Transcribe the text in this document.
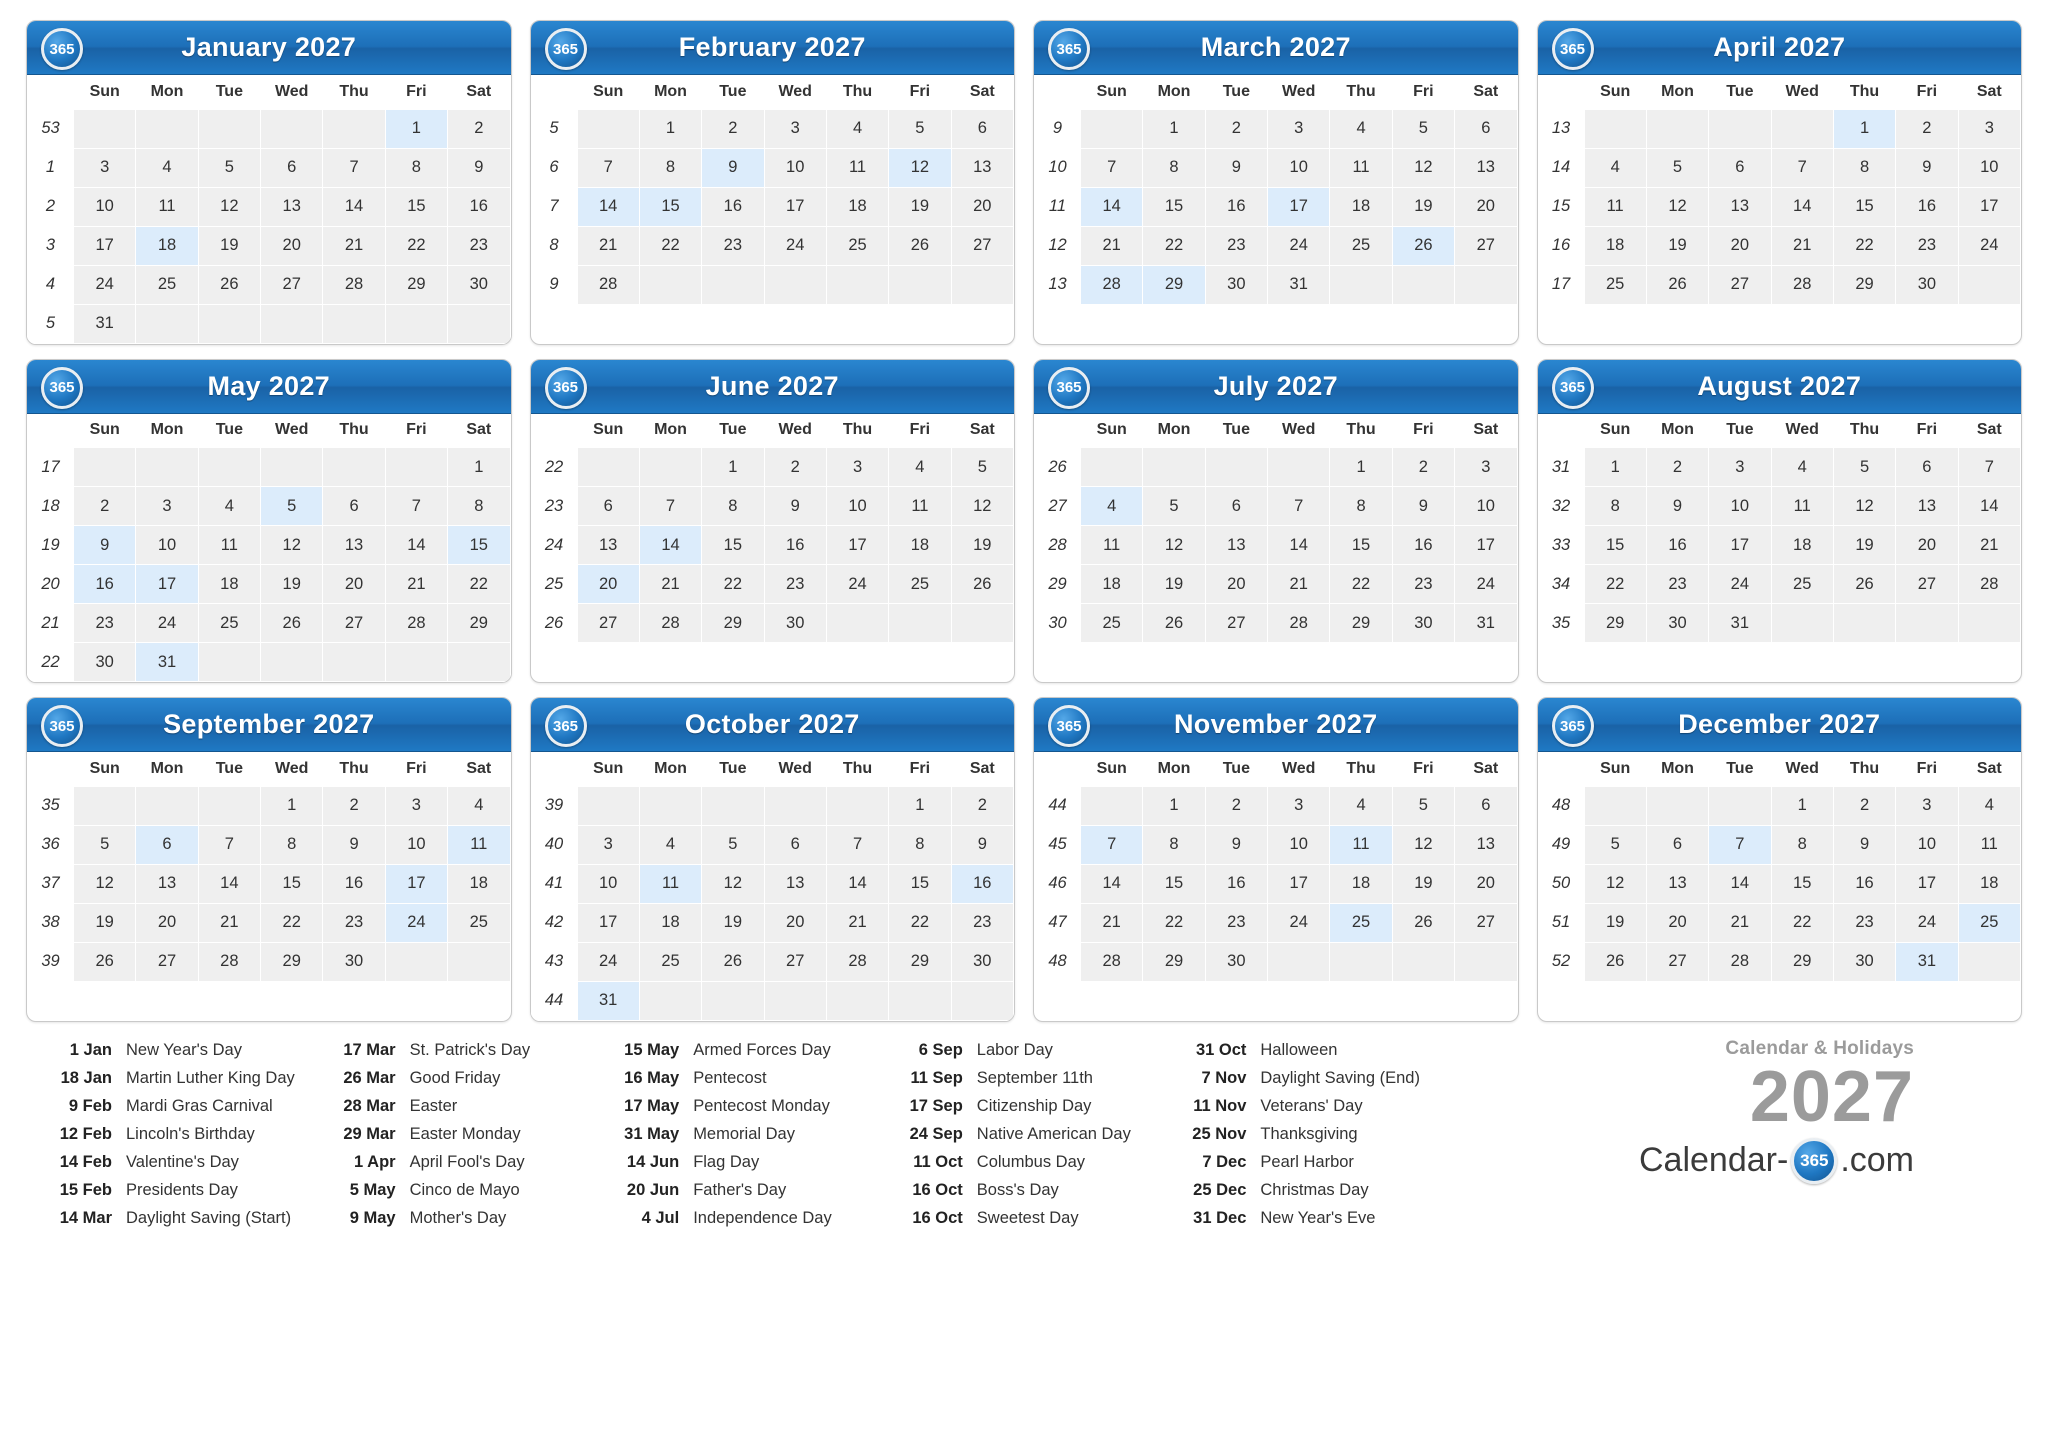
365	January 2027
	Sun	Mon	Tue	Wed	Thu	Fri	Sat
53						1	2
1	3	4	5	6	7	8	9
2	10	11	12	13	14	15	16
3	17	18	19	20	21	22	23
4	24	25	26	27	28	29	30
5	31						
365	February 2027
	Sun	Mon	Tue	Wed	Thu	Fri	Sat
5		1	2	3	4	5	6
6	7	8	9	10	11	12	13
7	14	15	16	17	18	19	20
8	21	22	23	24	25	26	27
9	28						
365	March 2027
	Sun	Mon	Tue	Wed	Thu	Fri	Sat
9		1	2	3	4	5	6
10	7	8	9	10	11	12	13
11	14	15	16	17	18	19	20
12	21	22	23	24	25	26	27
13	28	29	30	31			
365	April 2027
	Sun	Mon	Tue	Wed	Thu	Fri	Sat
13					1	2	3
14	4	5	6	7	8	9	10
15	11	12	13	14	15	16	17
16	18	19	20	21	22	23	24
17	25	26	27	28	29	30	
365	May 2027
	Sun	Mon	Tue	Wed	Thu	Fri	Sat
17							1
18	2	3	4	5	6	7	8
19	9	10	11	12	13	14	15
20	16	17	18	19	20	21	22
21	23	24	25	26	27	28	29
22	30	31					
365	June 2027
	Sun	Mon	Tue	Wed	Thu	Fri	Sat
22			1	2	3	4	5
23	6	7	8	9	10	11	12
24	13	14	15	16	17	18	19
25	20	21	22	23	24	25	26
26	27	28	29	30			
365	July 2027
	Sun	Mon	Tue	Wed	Thu	Fri	Sat
26					1	2	3
27	4	5	6	7	8	9	10
28	11	12	13	14	15	16	17
29	18	19	20	21	22	23	24
30	25	26	27	28	29	30	31
365	August 2027
	Sun	Mon	Tue	Wed	Thu	Fri	Sat
31	1	2	3	4	5	6	7
32	8	9	10	11	12	13	14
33	15	16	17	18	19	20	21
34	22	23	24	25	26	27	28
35	29	30	31				
365	September 2027
	Sun	Mon	Tue	Wed	Thu	Fri	Sat
35				1	2	3	4
36	5	6	7	8	9	10	11
37	12	13	14	15	16	17	18
38	19	20	21	22	23	24	25
39	26	27	28	29	30		
365	October 2027
	Sun	Mon	Tue	Wed	Thu	Fri	Sat
39						1	2
40	3	4	5	6	7	8	9
41	10	11	12	13	14	15	16
42	17	18	19	20	21	22	23
43	24	25	26	27	28	29	30
44	31						
365	November 2027
	Sun	Mon	Tue	Wed	Thu	Fri	Sat
44		1	2	3	4	5	6
45	7	8	9	10	11	12	13
46	14	15	16	17	18	19	20
47	21	22	23	24	25	26	27
48	28	29	30				
365	December 2027
	Sun	Mon	Tue	Wed	Thu	Fri	Sat
48				1	2	3	4
49	5	6	7	8	9	10	11
50	12	13	14	15	16	17	18
51	19	20	21	22	23	24	25
52	26	27	28	29	30	31	
1 Jan New Year's Day
18 Jan Martin Luther King Day
9 Feb Mardi Gras Carnival
12 Feb Lincoln's Birthday
14 Feb Valentine's Day
15 Feb Presidents Day
14 Mar Daylight Saving (Start)
17 Mar St. Patrick's Day
26 Mar Good Friday
28 Mar Easter
29 Mar Easter Monday
1 Apr April Fool's Day
5 May Cinco de Mayo
9 May Mother's Day
15 May Armed Forces Day
16 May Pentecost
17 May Pentecost Monday
31 May Memorial Day
14 Jun Flag Day
20 Jun Father's Day
4 Jul Independence Day
6 Sep Labor Day
11 Sep September 11th
17 Sep Citizenship Day
24 Sep Native American Day
11 Oct Columbus Day
16 Oct Boss's Day
16 Oct Sweetest Day
31 Oct Halloween
7 Nov Daylight Saving (End)
11 Nov Veterans' Day
25 Nov Thanksgiving
7 Dec Pearl Harbor
25 Dec Christmas Day
31 Dec New Year's Eve
Calendar & Holidays
2027
Calendar- 365 .com
